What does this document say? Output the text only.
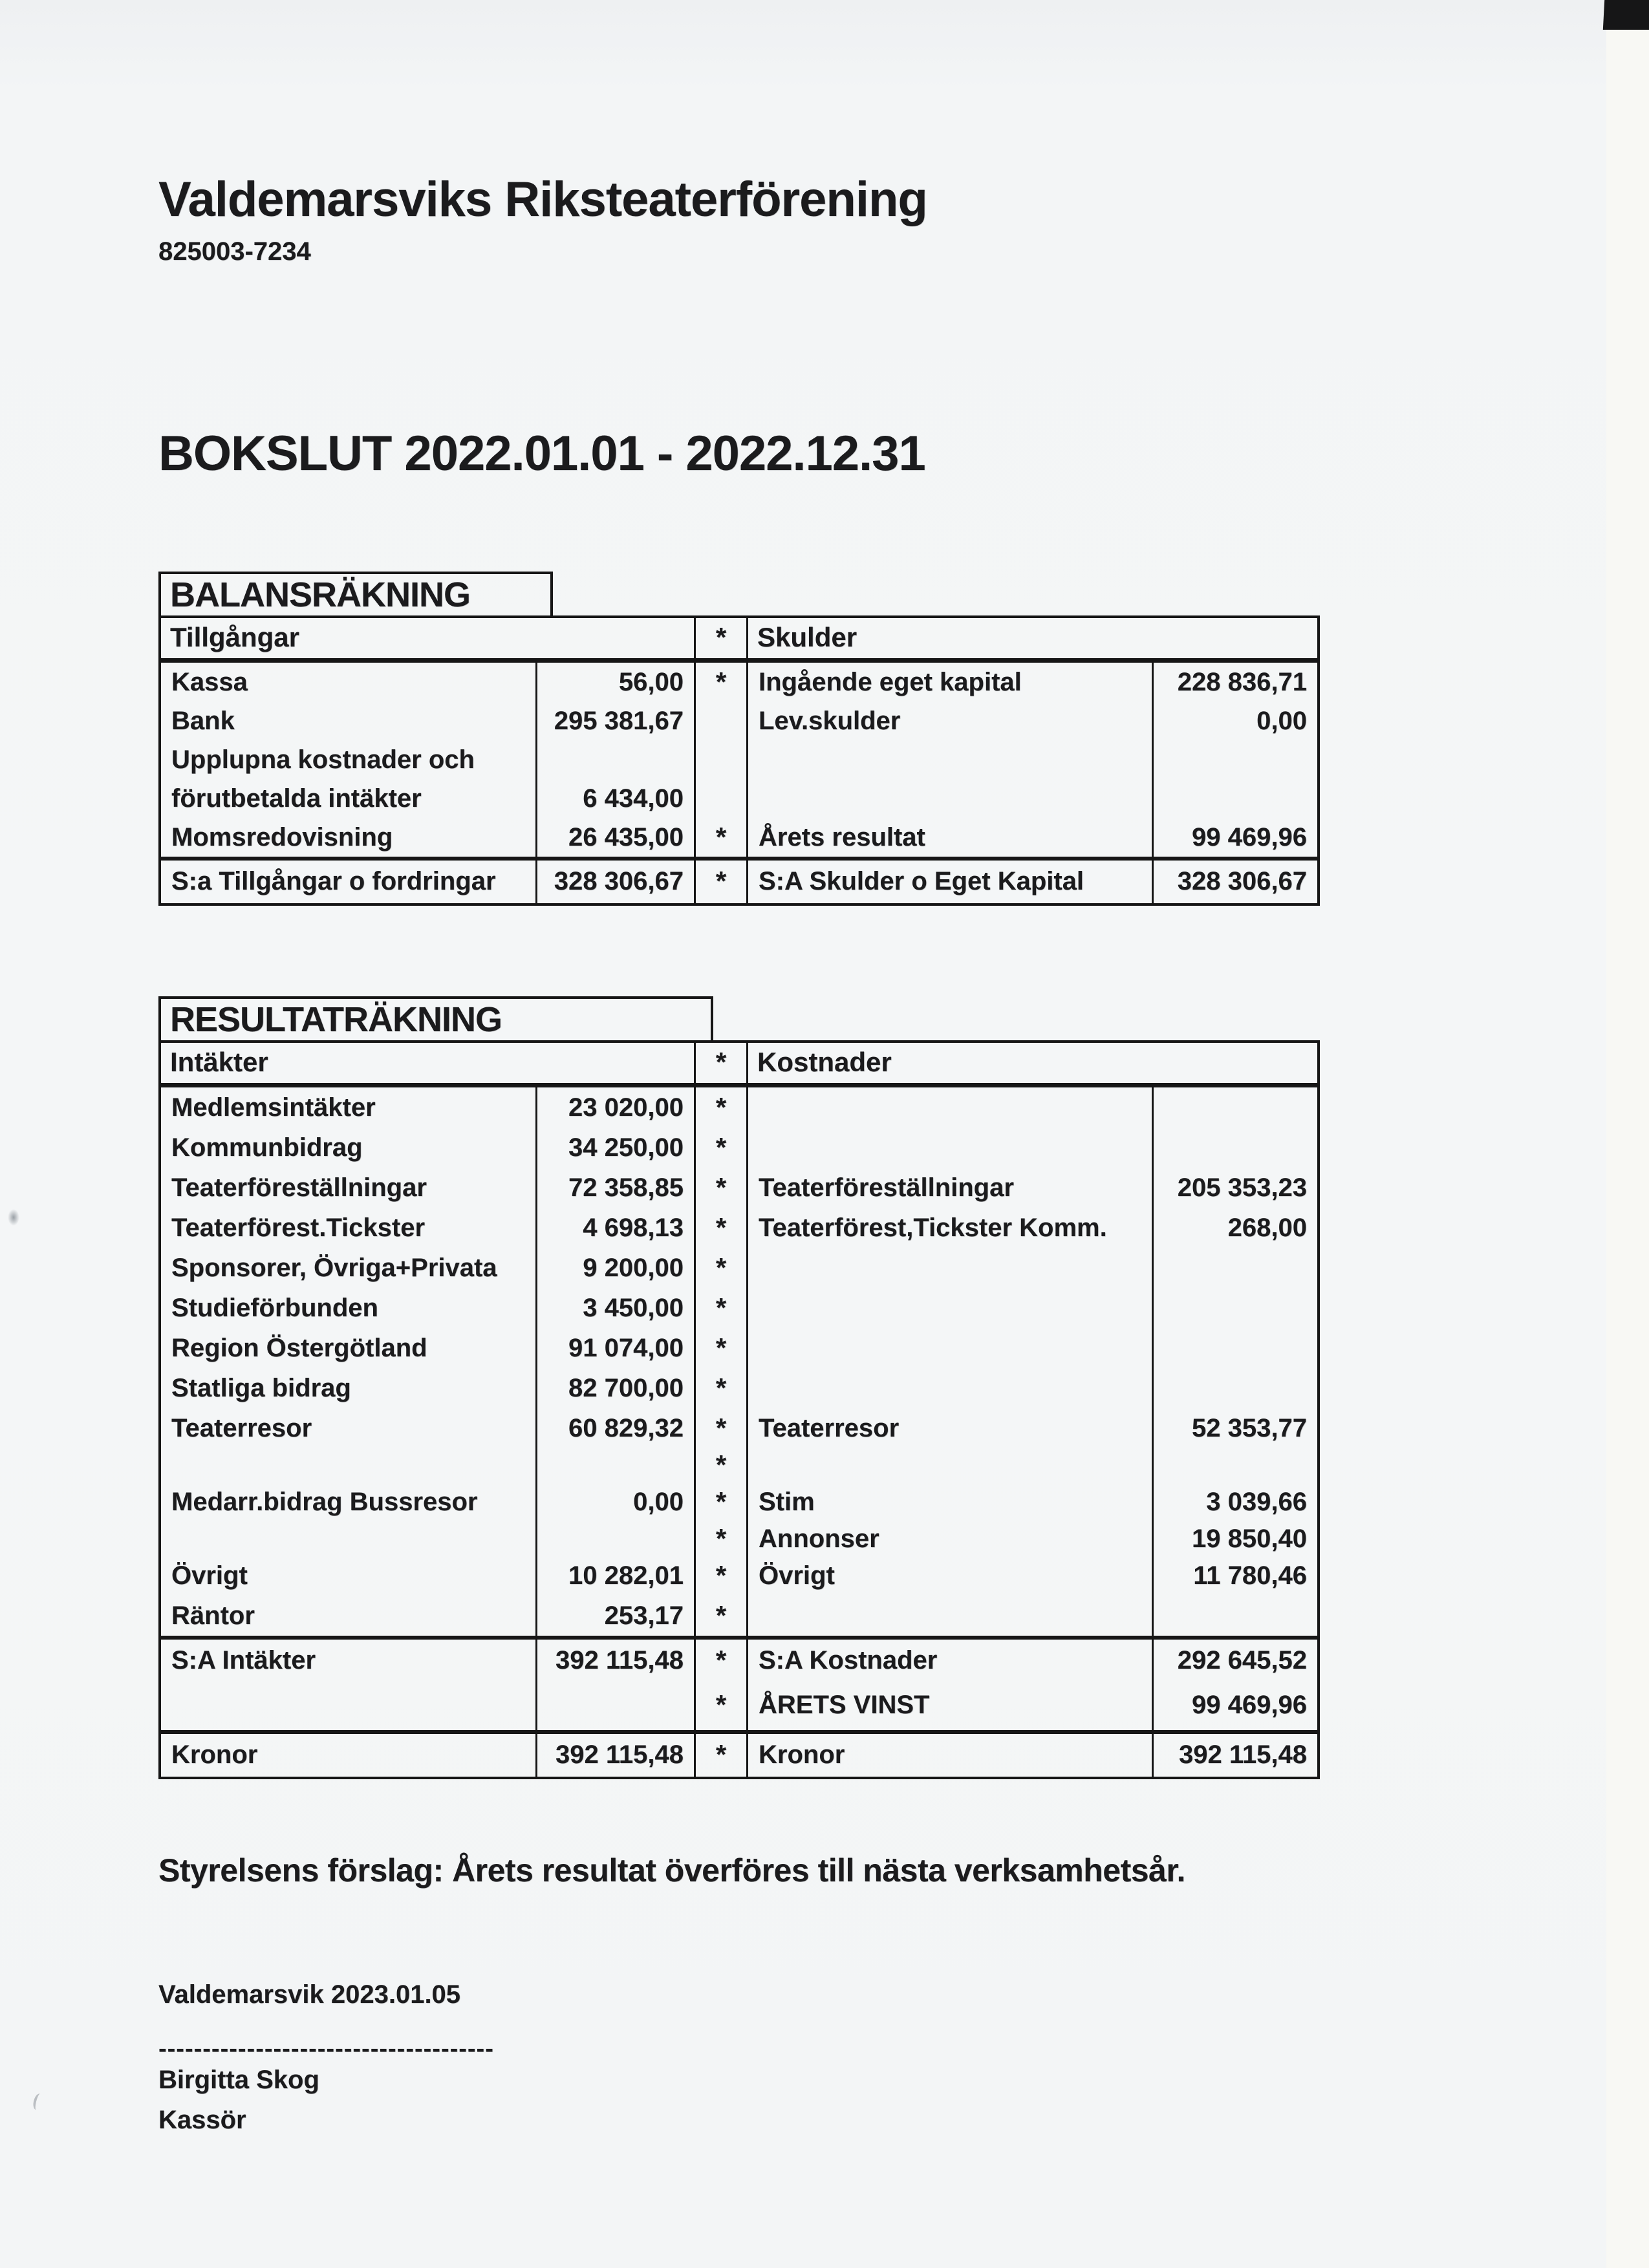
Valdemarsviks Riksteaterförening
825003-7234
BOKSLUT 2022.01.01 - 2022.12.31
BALANSRÄKNING
Tillgångar	*	Skulder
Kassa	56,00	*	Ingående eget kapital	228 836,71
Bank	295 381,67	Lev.skulder	0,00
Upplupna kostnader och
förutbetalda intäkter	6 434,00
Momsredovisning	26 435,00	*	Årets resultat	99 469,96
S:a Tillgångar o fordringar	328 306,67	*	S:A Skulder o Eget Kapital	328 306,67
RESULTATRÄKNING
Intäkter	*	Kostnader
Medlemsintäkter	23 020,00	*
Kommunbidrag	34 250,00	*
Teaterföreställningar	72 358,85	*	Teaterföreställningar	205 353,23
Teaterförest.Tickster	4 698,13	*	Teaterförest,Tickster Komm.	268,00
Sponsorer, Övriga+Privata	9 200,00	*
Studieförbunden	3 450,00	*
Region Östergötland	91 074,00	*
Statliga bidrag	82 700,00	*
Teaterresor	60 829,32	*	Teaterresor	52 353,77
*
Medarr.bidrag Bussresor	0,00	*	Stim	3 039,66
*	Annonser	19 850,40
Övrigt	10 282,01	*	Övrigt	11 780,46
Räntor	253,17	*
S:A Intäkter	392 115,48	*	S:A Kostnader	292 645,52
*	ÅRETS VINST	99 469,96
Kronor	392 115,48	*	Kronor	392 115,48
Styrelsens förslag: Årets resultat överföres till nästa verksamhetsår.
Valdemarsvik 2023.01.05
--------------------------------------
Birgitta Skog
Kassör
